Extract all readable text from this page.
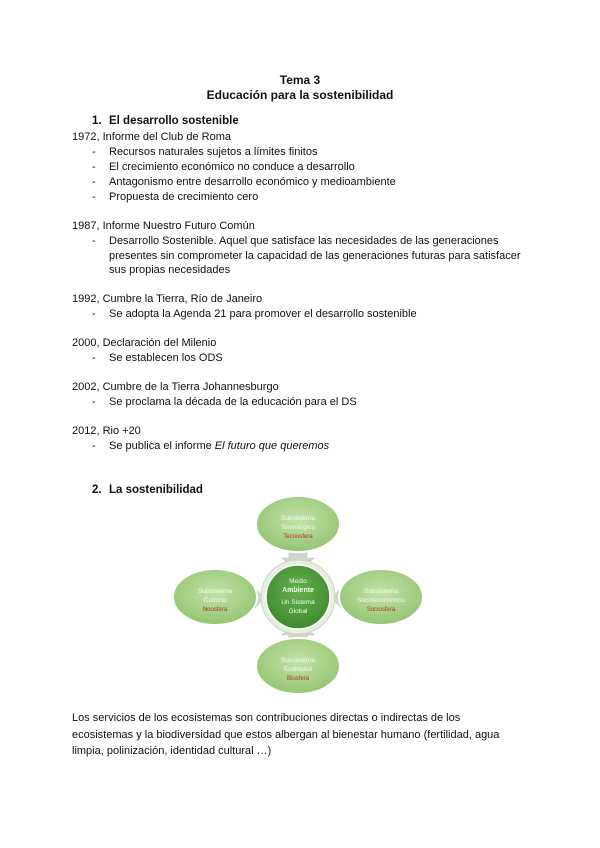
Tema 3
Educación para la sostenibilidad
1. El desarrollo sostenible
1972, Informe del Club de Roma
- Recursos naturales sujetos a límites finitos
- El crecimiento económico no conduce a desarrollo
- Antagonismo entre desarrollo económico y medioambiente
- Propuesta de crecimiento cero
1987, Informe Nuestro Futuro Común
- Desarrollo Sostenible. Aquel que satisface las necesidades de las generaciones
presentes sin comprometer la capacidad de las generaciones futuras para satisfacer
sus propias necesidades
1992, Cumbre la Tierra, Río de Janeiro
- Se adopta la Agenda 21 para promover el desarrollo sostenible
2000, Declaración del Milenio
- Se establecen los ODS
2002, Cumbre de la Tierra Johannesburgo
- Se proclama la década de la educación para el DS
2012, Rio +20
- Se publica el informe El futuro que queremos
2. La sostenibilidad
Medio
Ambiente
Un Sistema
Global
Subsistema
Tecnológico
Tecnosfera
Subsistema
Cultural
Noosfera
Subsistema
Socioeconómico
Sociosfera
Subsistema
Ecológico
Biosfera
Los servicios de los ecosistemas son contribuciones directas o indirectas de los
ecosistemas y la biodiversidad que estos albergan al bienestar humano (fertilidad, agua
limpia, polinización, identidad cultural …)
